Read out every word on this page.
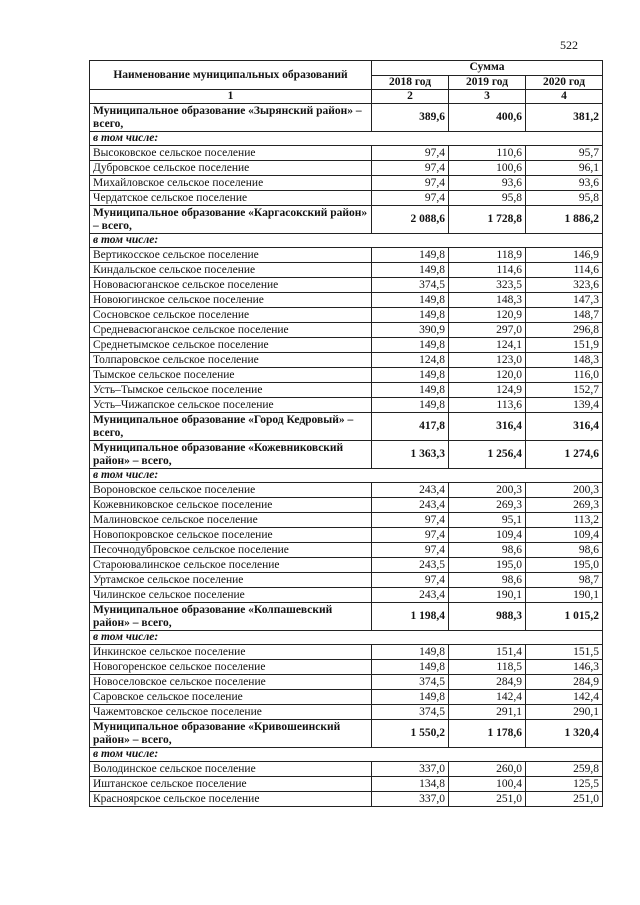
522
Наименование муниципальных образований	Сумма		
	2018 год	2019 год	2020 год
1	2	3	4
Муниципальное образование «Зырянский район» – всего,	389,6	400,6	381,2
в том числе:			
Высоковское сельское поселение	97,4	110,6	95,7
Дубровское сельское поселение	97,4	100,6	96,1
Михайловское сельское поселение	97,4	93,6	93,6
Чердатское сельское поселение	97,4	95,8	95,8
Муниципальное образование «Каргасокский район» – всего,	2 088,6	1 728,8	1 886,2
в том числе:			
Вертикосское сельское поселение	149,8	118,9	146,9
Киндальское сельское поселение	149,8	114,6	114,6
Нововасюганское сельское поселение	374,5	323,5	323,6
Новоюгинское сельское поселение	149,8	148,3	147,3
Сосновское сельское поселение	149,8	120,9	148,7
Средневасюганское сельское поселение	390,9	297,0	296,8
Среднетымское сельское поселение	149,8	124,1	151,9
Толпаровское сельское поселение	124,8	123,0	148,3
Тымское сельское поселение	149,8	120,0	116,0
Усть–Тымское сельское поселение	149,8	124,9	152,7
Усть–Чижапское сельское поселение	149,8	113,6	139,4
Муниципальное образование «Город Кедровый» – всего,	417,8	316,4	316,4
Муниципальное образование «Кожевниковский район» – всего,	1 363,3	1 256,4	1 274,6
в том числе:			
Вороновское сельское поселение	243,4	200,3	200,3
Кожевниковское сельское поселение	243,4	269,3	269,3
Малиновское сельское поселение	97,4	95,1	113,2
Новопокровское сельское поселение	97,4	109,4	109,4
Песочнодубровское сельское поселение	97,4	98,6	98,6
Староювалинское сельское поселение	243,5	195,0	195,0
Уртамское сельское поселение	97,4	98,6	98,7
Чилинское сельское поселение	243,4	190,1	190,1
Муниципальное образование «Колпашевский район» – всего,	1 198,4	988,3	1 015,2
в том числе:			
Инкинское сельское поселение	149,8	151,4	151,5
Новогоренское сельское поселение	149,8	118,5	146,3
Новоселовское сельское поселение	374,5	284,9	284,9
Саровское сельское поселение	149,8	142,4	142,4
Чажемтовское сельское поселение	374,5	291,1	290,1
Муниципальное образование «Кривошеинский район» – всего,	1 550,2	1 178,6	1 320,4
в том числе:			
Володинское сельское поселение	337,0	260,0	259,8
Иштанское сельское поселение	134,8	100,4	125,5
Красноярское сельское поселение	337,0	251,0	251,0
